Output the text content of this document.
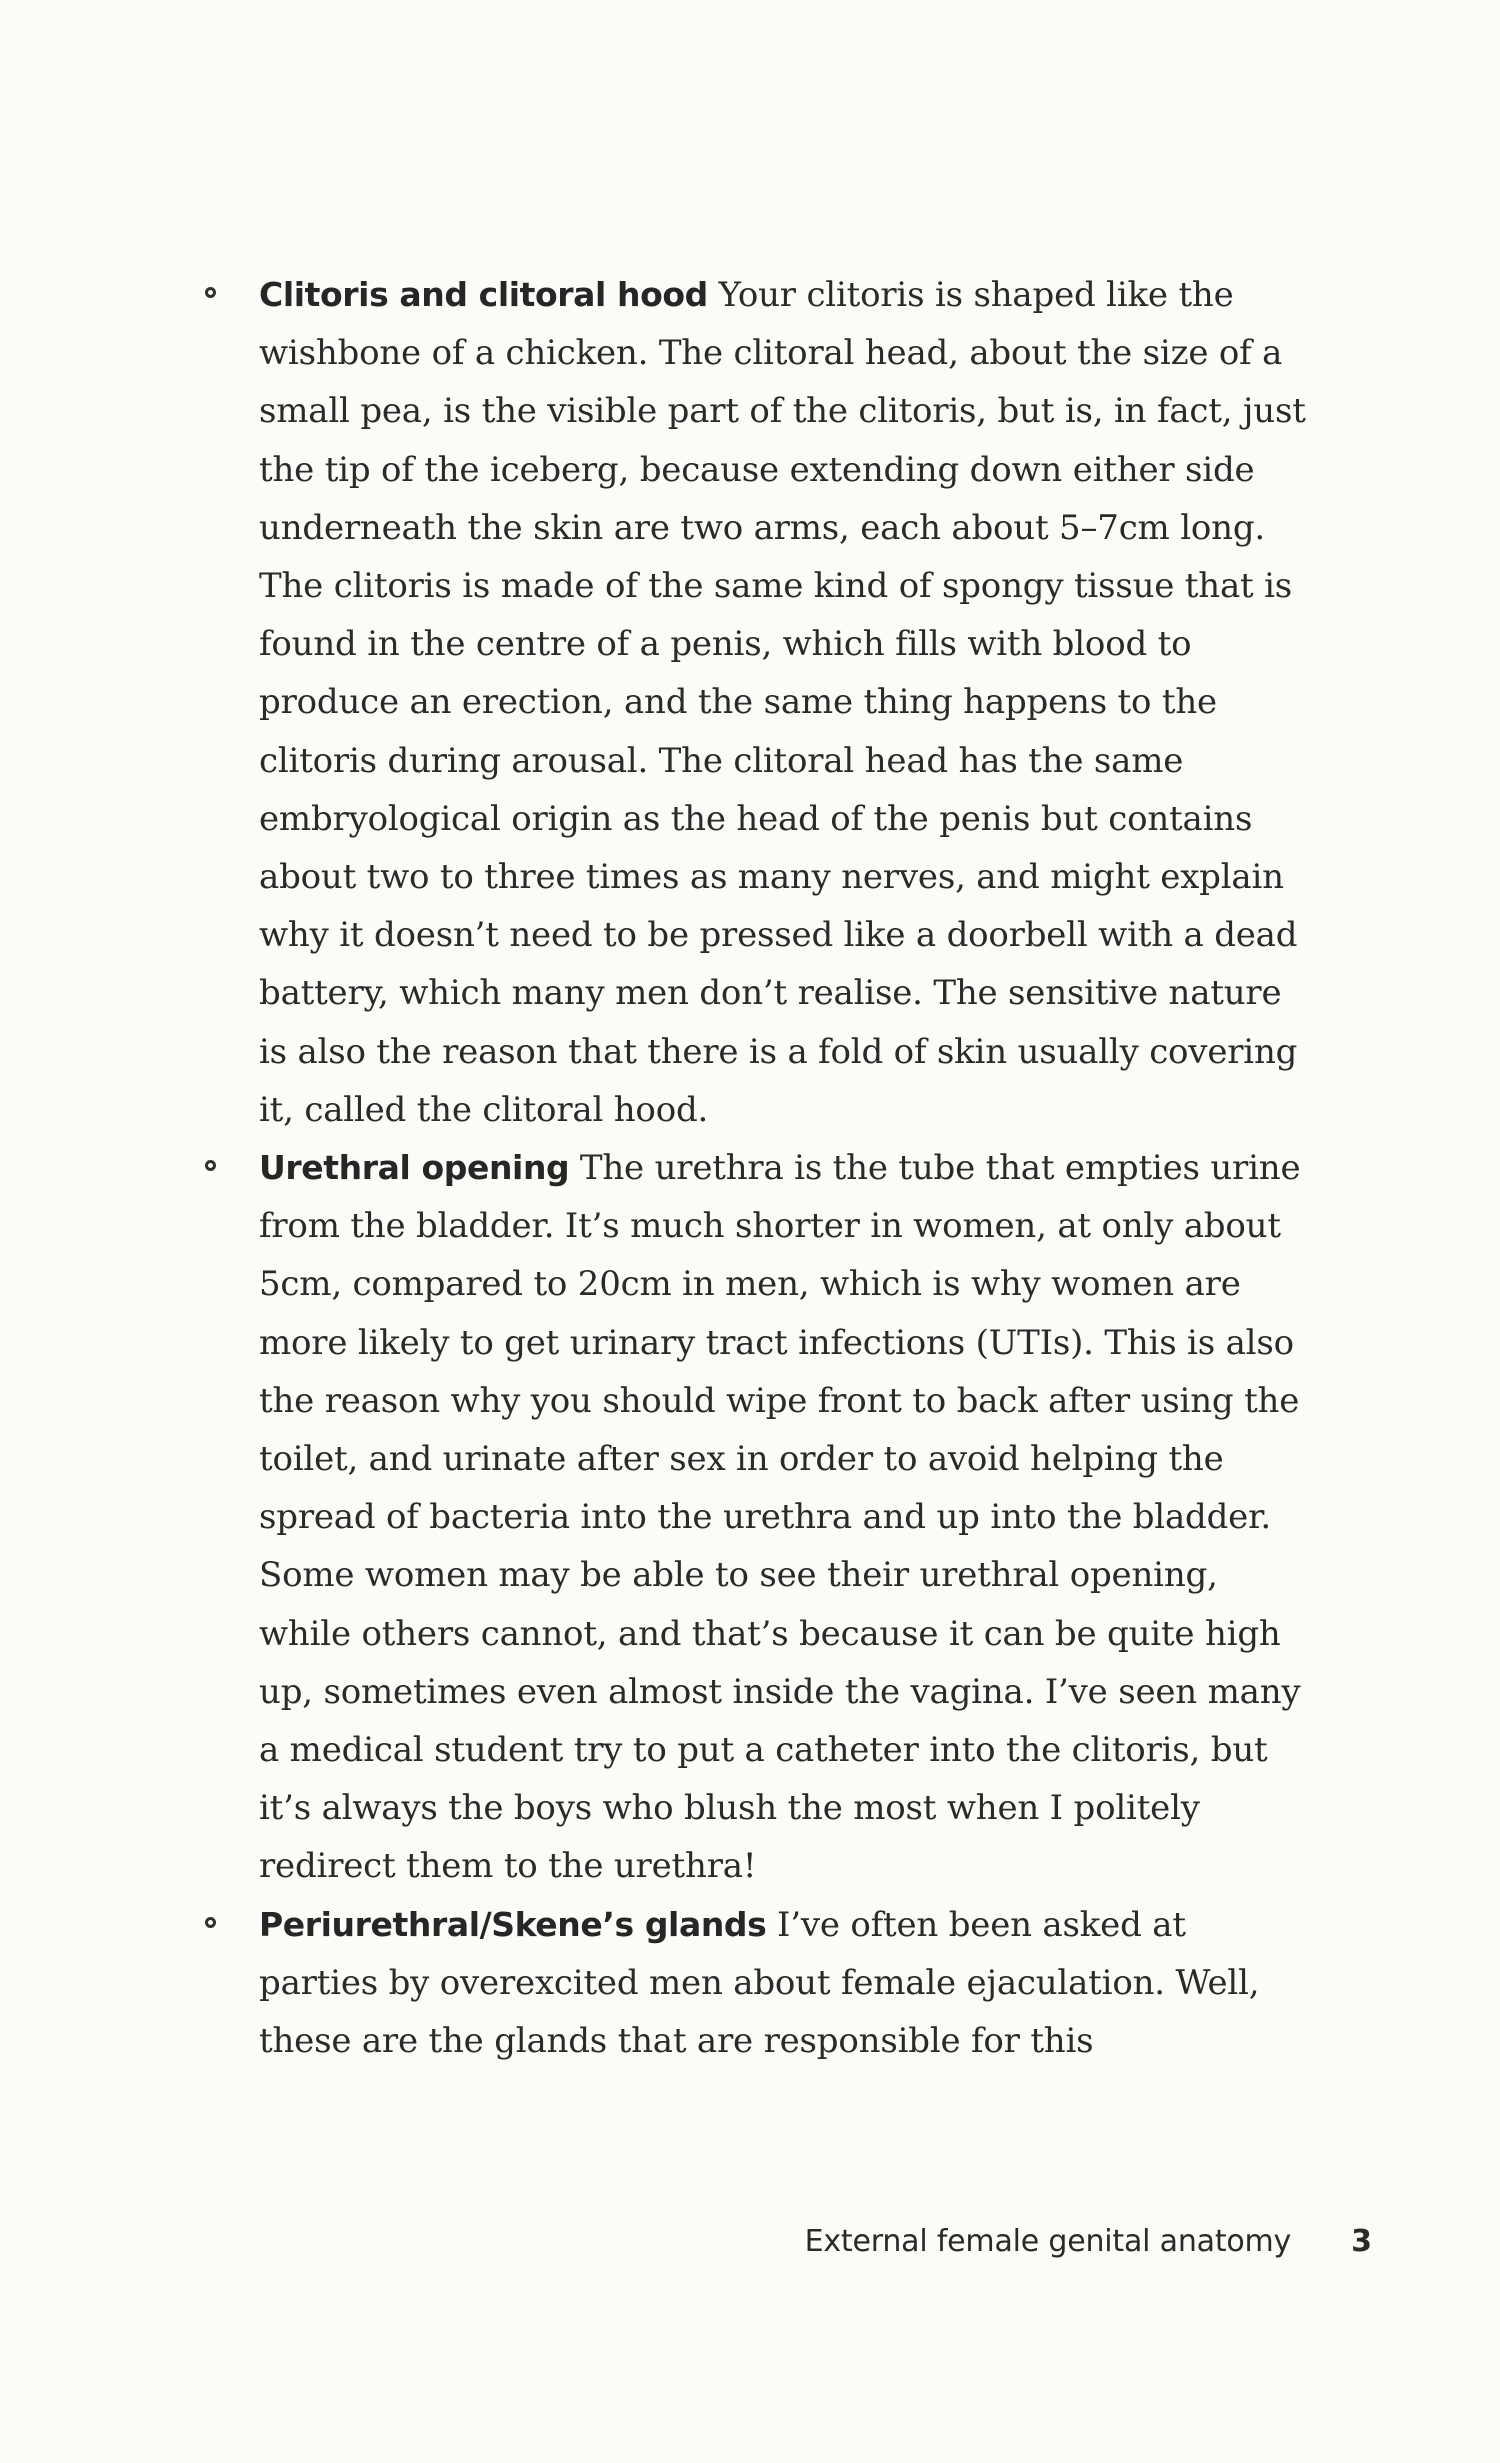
Clitoris and clitoral hood Your clitoris is shaped like the wishbone of a chicken. The clitoral head, about the size of a small pea, is the visible part of the clitoris, but is, in fact, just the tip of the iceberg, because extending down either side underneath the skin are two arms, each about 5–7cm long. The clitoris is made of the same kind of spongy tissue that is found in the centre of a penis, which fills with blood to produce an erection, and the same thing happens to the clitoris during arousal. The clitoral head has the same embryological origin as the head of the penis but contains about two to three times as many nerves, and might explain why it doesn’t need to be pressed like a doorbell with a dead battery, which many men don’t realise. The sensitive nature is also the reason that there is a fold of skin usually covering it, called the clitoral hood.

Urethral opening The urethra is the tube that empties urine from the bladder. It’s much shorter in women, at only about 5cm, compared to 20cm in men, which is why women are more likely to get urinary tract infections (UTIs). This is also the reason why you should wipe front to back after using the toilet, and urinate after sex in order to avoid helping the spread of bacteria into the urethra and up into the bladder. Some women may be able to see their urethral opening, while others cannot, and that’s because it can be quite high up, sometimes even almost inside the vagina. I’ve seen many a medical student try to put a catheter into the clitoris, but it’s always the boys who blush the most when I politely redirect them to the urethra!

Periurethral/Skene’s glands I’ve often been asked at parties by overexcited men about female ejaculation. Well, these are the glands that are responsible for this

External female genital anatomy 3
